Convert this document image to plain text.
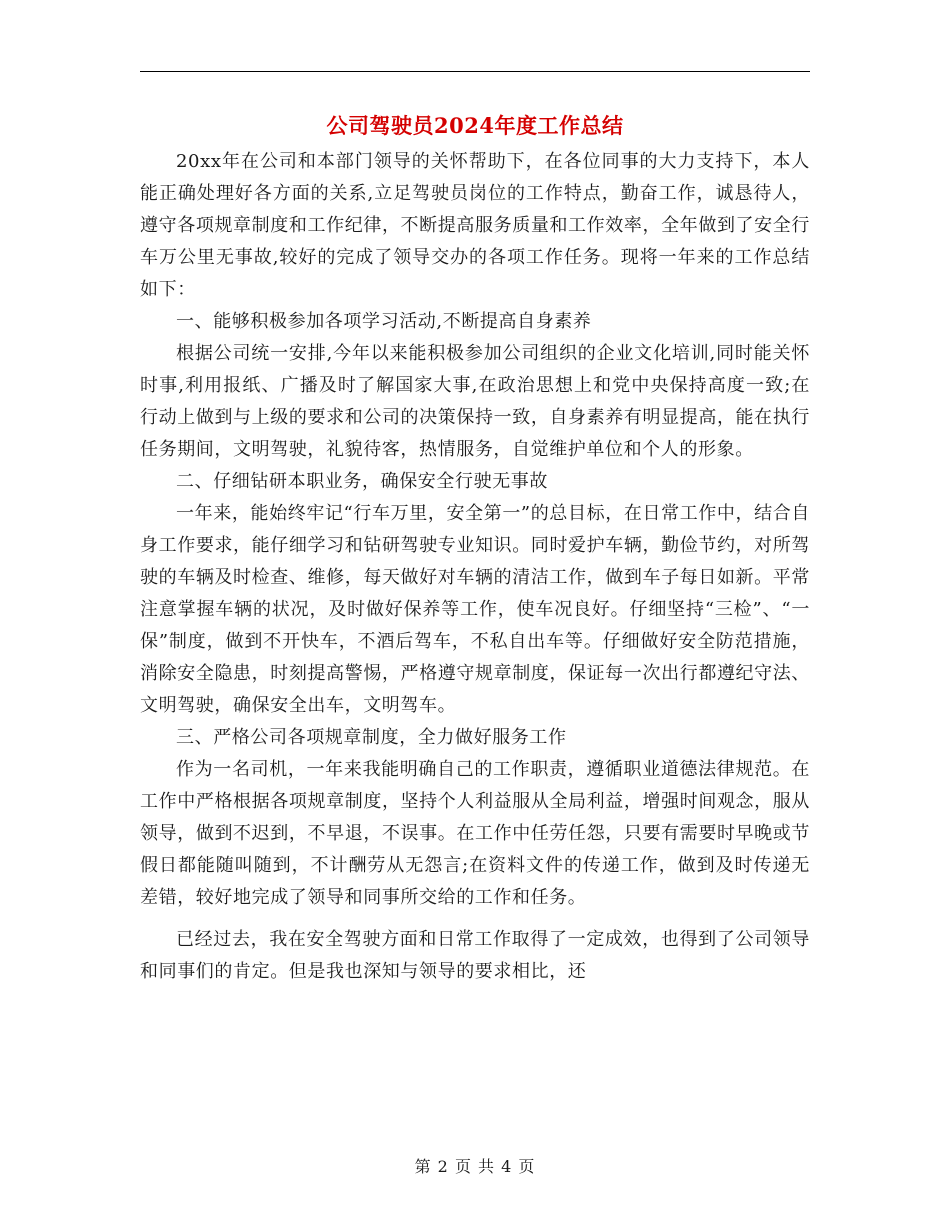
公司驾驶员2024年度工作总结

20xx年在公司和本部门领导的关怀帮助下，在各位同事的大力支持下，本人能正确处理好各方面的关系,立足驾驶员岗位的工作特点，勤奋工作，诚恳待人，遵守各项规章制度和工作纪律，不断提高服务质量和工作效率，全年做到了安全行车万公里无事故,较好的完成了领导交办的各项工作任务。现将一年来的工作总结如下：

一、能够积极参加各项学习活动,不断提高自身素养

根据公司统一安排,今年以来能积极参加公司组织的企业文化培训,同时能关怀时事,利用报纸、广播及时了解国家大事,在政治思想上和党中央保持高度一致;在行动上做到与上级的要求和公司的决策保持一致，自身素养有明显提高，能在执行任务期间，文明驾驶，礼貌待客，热情服务，自觉维护单位和个人的形象。

二、仔细钻研本职业务，确保安全行驶无事故

一年来，能始终牢记“行车万里，安全第一”的总目标，在日常工作中，结合自身工作要求，能仔细学习和钻研驾驶专业知识。同时爱护车辆，勤俭节约，对所驾驶的车辆及时检查、维修，每天做好对车辆的清洁工作，做到车子每日如新。平常注意掌握车辆的状况，及时做好保养等工作，使车况良好。仔细坚持“三检”、“一保”制度，做到不开快车，不酒后驾车，不私自出车等。仔细做好安全防范措施，消除安全隐患，时刻提高警惕，严格遵守规章制度，保证每一次出行都遵纪守法、文明驾驶，确保安全出车，文明驾车。

三、严格公司各项规章制度，全力做好服务工作

作为一名司机，一年来我能明确自己的工作职责，遵循职业道德法律规范。在工作中严格根据各项规章制度，坚持个人利益服从全局利益，增强时间观念，服从领导，做到不迟到，不早退，不误事。在工作中任劳任怨，只要有需要时早晚或节假日都能随叫随到，不计酬劳从无怨言;在资料文件的传递工作，做到及时传递无差错，较好地完成了领导和同事所交给的工作和任务。

已经过去，我在安全驾驶方面和日常工作取得了一定成效，也得到了公司领导和同事们的肯定。但是我也深知与领导的要求相比，还

第 2 页 共 4 页
